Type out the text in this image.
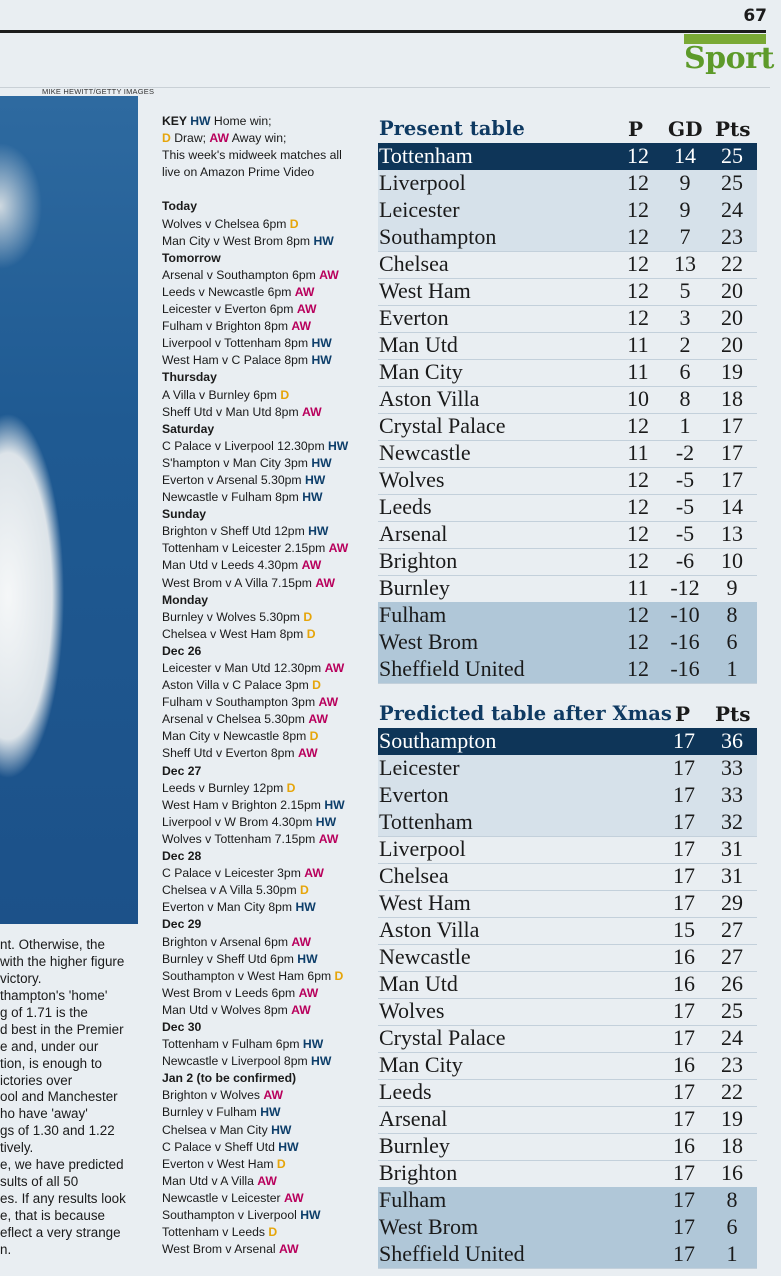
67
Sport
MIKE HEWITT/GETTY IMAGES
nt. Otherwise, the
with the higher figure
victory.
thampton's 'home'
g of 1.71 is the
d best in the Premier
e and, under our
tion, is enough to
ictories over
ool and Manchester
ho have 'away'
gs of 1.30 and 1.22
tively.
e, we have predicted
sults of all 50
es. If any results look
e, that is because
eflect a very strange
n.
KEY HW Home win;
D Draw; AW Away win;
This week's midweek matches all
live on Amazon Prime Video
Today
Wolves v Chelsea 6pm D
Man City v West Brom 8pm HW
Tomorrow
Arsenal v Southampton 6pm AW
Leeds v Newcastle 6pm AW
Leicester v Everton 6pm AW
Fulham v Brighton 8pm AW
Liverpool v Tottenham 8pm HW
West Ham v C Palace 8pm HW
Thursday
A Villa v Burnley 6pm D
Sheff Utd v Man Utd 8pm AW
Saturday
C Palace v Liverpool 12.30pm HW
S'hampton v Man City 3pm HW
Everton v Arsenal 5.30pm HW
Newcastle v Fulham 8pm HW
Sunday
Brighton v Sheff Utd 12pm HW
Tottenham v Leicester 2.15pm AW
Man Utd v Leeds 4.30pm AW
West Brom v A Villa 7.15pm AW
Monday
Burnley v Wolves 5.30pm D
Chelsea v West Ham 8pm D
Dec 26
Leicester v Man Utd 12.30pm AW
Aston Villa v C Palace 3pm D
Fulham v Southampton 3pm AW
Arsenal v Chelsea 5.30pm AW
Man City v Newcastle 8pm D
Sheff Utd v Everton 8pm AW
Dec 27
Leeds v Burnley 12pm D
West Ham v Brighton 2.15pm HW
Liverpool v W Brom 4.30pm HW
Wolves v Tottenham 7.15pm AW
Dec 28
C Palace v Leicester 3pm AW
Chelsea v A Villa 5.30pm D
Everton v Man City 8pm HW
Dec 29
Brighton v Arsenal 6pm AW
Burnley v Sheff Utd 6pm HW
Southampton v West Ham 6pm D
West Brom v Leeds 6pm AW
Man Utd v Wolves 8pm AW
Dec 30
Tottenham v Fulham 6pm HW
Newcastle v Liverpool 8pm HW
Jan 2 (to be confirmed)
Brighton v Wolves AW
Burnley v Fulham HW
Chelsea v Man City HW
C Palace v Sheff Utd HW
Everton v West Ham D
Man Utd v A Villa AW
Newcastle v Leicester AW
Southampton v Liverpool HW
Tottenham v Leeds D
West Brom v Arsenal AW
Present table	P GD Pts
Tottenham	12	14	25
Liverpool	12	9	25
Leicester	12	9	24
Southampton	12	7	23
Chelsea	12	13	22
West Ham	12	5	20
Everton	12	3	20
Man Utd	11	2	20
Man City	11	6	19
Aston Villa	10	8	18
Crystal Palace	12	1	17
Newcastle	11	-2	17
Wolves	12	-5	17
Leeds	12	-5	14
Arsenal	12	-5	13
Brighton	12	-6	10
Burnley	11 -12	9
Fulham	12 -10	8
West Brom	12 -16	6
Sheffield United	12 -16	1
Predicted table after Xmas P Pts
Southampton	17	36
Leicester	17	33
Everton	17	33
Tottenham	17	32
Liverpool	17	31
Chelsea	17	31
West Ham	17	29
Aston Villa	15	27
Newcastle	16	27
Man Utd	16	26
Wolves	17	25
Crystal Palace	17	24
Man City	16	23
Leeds	17	22
Arsenal	17	19
Burnley	16	18
Brighton	17	16
Fulham	17	8
West Brom	17	6
Sheffield United	17	1
